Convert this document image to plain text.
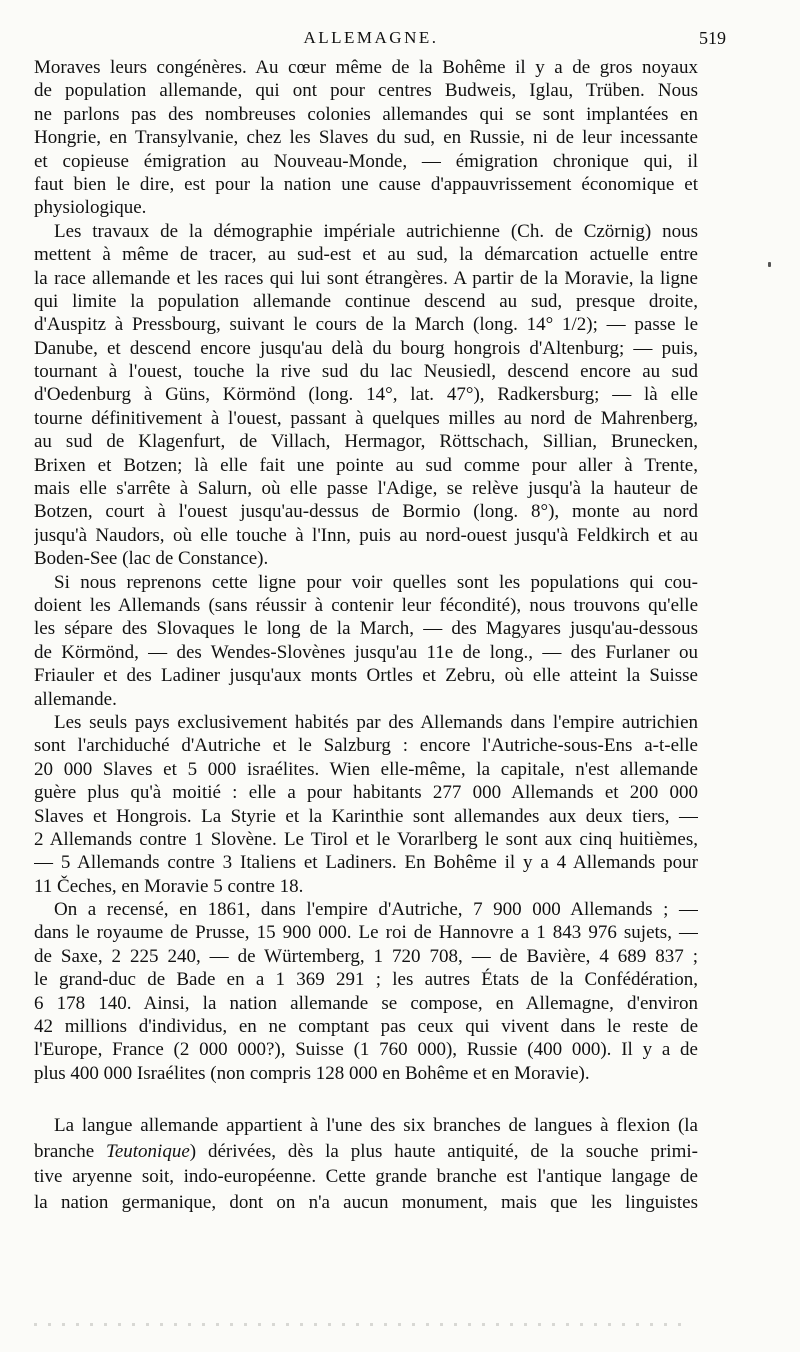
ALLEMAGNE.	519
Moraves leurs congénères. Au cœur même de la Bohême il y a de gros noyaux
de population allemande, qui ont pour centres Budweis, Iglau, Trüben. Nous
ne parlons pas des nombreuses colonies allemandes qui se sont implantées en
Hongrie, en Transylvanie, chez les Slaves du sud, en Russie, ni de leur incessante
et copieuse émigration au Nouveau-Monde, — émigration chronique qui, il
faut bien le dire, est pour la nation une cause d'appauvrissement économique et
physiologique.
Les travaux de la démographie impériale autrichienne (Ch. de Czörnig) nous
mettent à même de tracer, au sud-est et au sud, la démarcation actuelle entre
la race allemande et les races qui lui sont étrangères. A partir de la Moravie, la ligne
qui limite la population allemande continue descend au sud, presque droite,
d'Auspitz à Pressbourg, suivant le cours de la March (long. 14° 1/2); — passe le
Danube, et descend encore jusqu'au delà du bourg hongrois d'Altenburg; — puis,
tournant à l'ouest, touche la rive sud du lac Neusiedl, descend encore au sud
d'Oedenburg à Güns, Körmönd (long. 14°, lat. 47°), Radkersburg; — là elle
tourne définitivement à l'ouest, passant à quelques milles au nord de Mahrenberg,
au sud de Klagenfurt, de Villach, Hermagor, Röttschach, Sillian, Brunecken,
Brixen et Botzen; là elle fait une pointe au sud comme pour aller à Trente,
mais elle s'arrête à Salurn, où elle passe l'Adige, se relève jusqu'à la hauteur de
Botzen, court à l'ouest jusqu'au-dessus de Bormio (long. 8°), monte au nord
jusqu'à Naudors, où elle touche à l'Inn, puis au nord-ouest jusqu'à Feldkirch et au
Boden-See (lac de Constance).
Si nous reprenons cette ligne pour voir quelles sont les populations qui cou-
doient les Allemands (sans réussir à contenir leur fécondité), nous trouvons qu'elle
les sépare des Slovaques le long de la March, — des Magyares jusqu'au-dessous
de Körmönd, — des Wendes-Slovènes jusqu'au 11e de long., — des Furlaner ou
Friauler et des Ladiner jusqu'aux monts Ortles et Zebru, où elle atteint la Suisse
allemande.
Les seuls pays exclusivement habités par des Allemands dans l'empire autrichien
sont l'archiduché d'Autriche et le Salzburg : encore l'Autriche-sous-Ens a-t-elle
20 000 Slaves et 5 000 israélites. Wien elle-même, la capitale, n'est allemande
guère plus qu'à moitié : elle a pour habitants 277 000 Allemands et 200 000
Slaves et Hongrois. La Styrie et la Karinthie sont allemandes aux deux tiers, —
2 Allemands contre 1 Slovène. Le Tirol et le Vorarlberg le sont aux cinq huitièmes,
— 5 Allemands contre 3 Italiens et Ladiners. En Bohême il y a 4 Allemands pour
11 Čeches, en Moravie 5 contre 18.
On a recensé, en 1861, dans l'empire d'Autriche, 7 900 000 Allemands ; —
dans le royaume de Prusse, 15 900 000. Le roi de Hannovre a 1 843 976 sujets, —
de Saxe, 2 225 240, — de Würtemberg, 1 720 708, — de Bavière, 4 689 837 ;
le grand-duc de Bade en a 1 369 291 ; les autres États de la Confédération,
6 178 140. Ainsi, la nation allemande se compose, en Allemagne, d'environ
42 millions d'individus, en ne comptant pas ceux qui vivent dans le reste de
l'Europe, France (2 000 000?), Suisse (1 760 000), Russie (400 000). Il y a de
plus 400 000 Israélites (non compris 128 000 en Bohême et en Moravie).
La langue allemande appartient à l'une des six branches de langues à flexion (la
branche Teutonique) dérivées, dès la plus haute antiquité, de la souche primi-
tive aryenne soit, indo-européenne. Cette grande branche est l'antique langage de
la nation germanique, dont on n'a aucun monument, mais que les linguistes
